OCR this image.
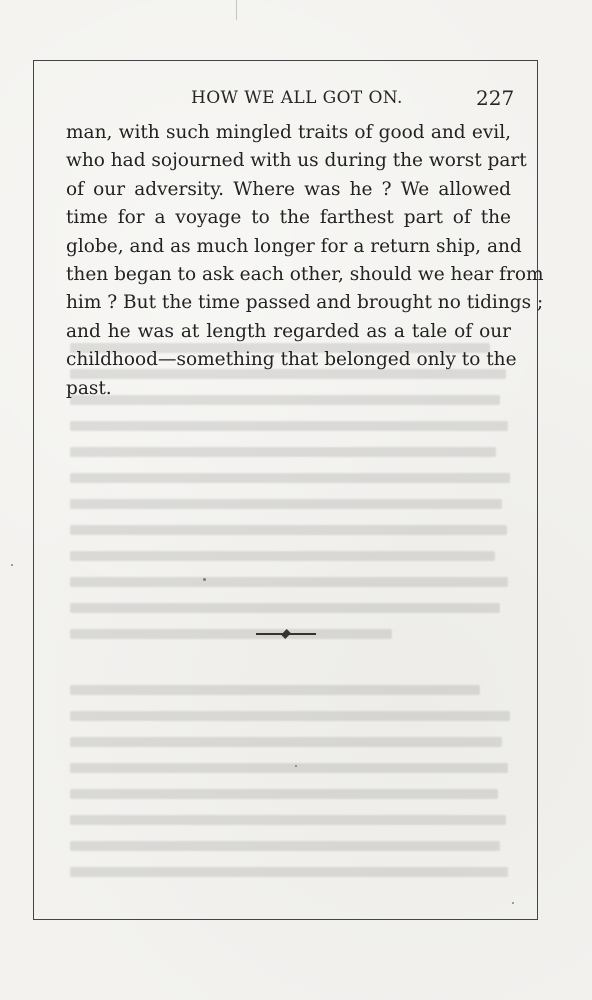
HOW WE ALL GOT ON.	227
man, with such mingled traits of good and evil,
who had sojourned with us during the worst part
of our adversity. Where was he ? We allowed
time for a voyage to the farthest part of the
globe, and as much longer for a return ship, and
then began to ask each other, should we hear from
him ? But the time passed and brought no tidings ;
and he was at length regarded as a tale of our
childhood—something that belonged only to the
past.
